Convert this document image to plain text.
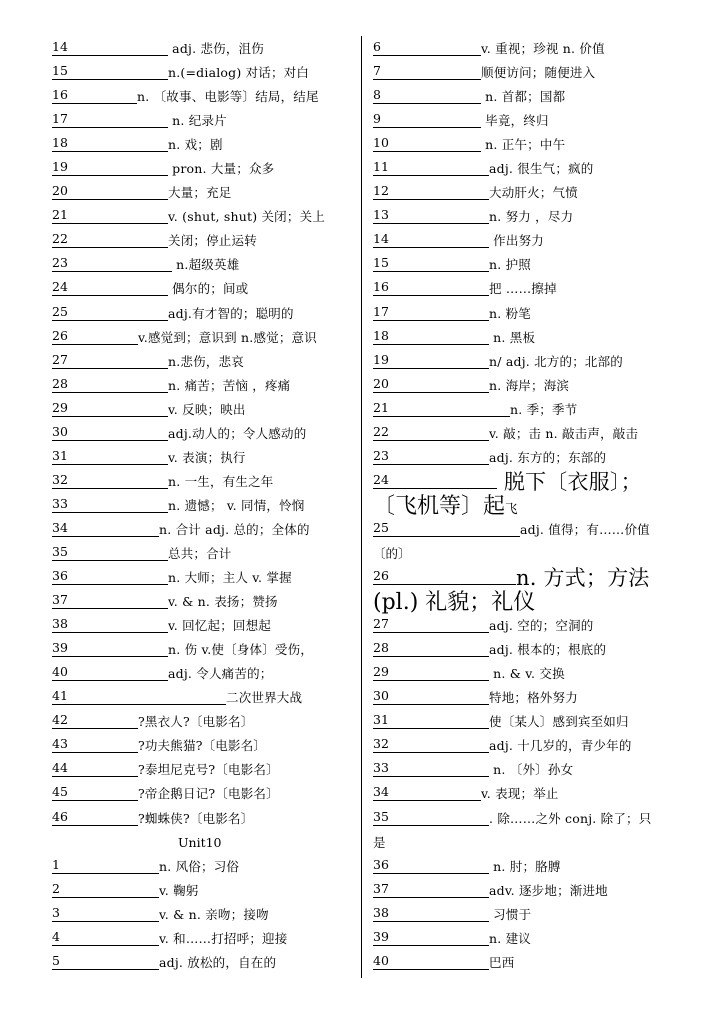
14	adj. 悲伤，沮伤
15	n.(=dialog) 对话；对白
16	n. 〔故事、电影等〕结局，结尾
17	n. 纪录片
18	n. 戏；剧
19	pron. 大量；众多
20	大量；充足
21	v. (shut, shut) 关闭；关上
22	关闭；停止运转
23	n.超级英雄
24	偶尔的；间或
25	adj.有才智的；聪明的
26	v.感觉到；意识到 n.感觉；意识
27	n.悲伤，悲哀
28	n. 痛苦；苦恼 ，疼痛
29	v. 反映；映出
30	adj.动人的；令人感动的
31	v. 表演；执行
32	n. 一生，有生之年
33	n. 遗憾； v. 同情，怜悯
34	n. 合计 adj. 总的；全体的
35	总共；合计
36	n. 大师；主人 v. 掌握
37	v. & n. 表扬；赞扬
38	v. 回忆起；回想起
39	n. 伤 v.使〔身体〕受伤，
40	adj. 令人痛苦的；
41	二次世界大战
42	?黑衣人?〔电影名〕
43	?功夫熊猫?〔电影名〕
44	?泰坦尼克号?〔电影名〕
45	?帝企鹅日记?〔电影名〕
46	?蜘蛛侠?〔电影名〕
Unit10
1	n. 风俗；习俗
2	v. 鞠躬
3	v. & n. 亲吻；接吻
4	v. 和……打招呼；迎接
5	adj. 放松的，自在的
6	v. 重视；珍视 n. 价值
7	顺便访问；随便进入
8	n. 首都；国都
9	毕竟，终归
10	n. 正午；中午
11	adj. 很生气；疯的
12	大动肝火；气愤
13	n. 努力 ，尽力
14	作出努力
15	n. 护照
16	把 ……擦掉
17	n. 粉笔
18	n. 黑板
19	n/ adj. 北方的；北部的
20	n. 海岸；海滨
21	n. 季；季节
22	v. 敲；击 n. 敲击声，敲击
23	adj. 东方的；东部的
24	脱下〔衣服〕；
〔飞机等〕起飞
25	adj. 值得；有……价值
〔的〕
26	n. 方式；方法
(pl.) 礼貌；礼仪
27	adj. 空的；空洞的
28	adj. 根本的；根底的
29	n. & v. 交换
30	特地；格外努力
31	使〔某人〕感到宾至如归
32	adj. 十几岁的，青少年的
33	n. 〔外〕孙女
34	v. 表现；举止
35	. 除……之外 conj. 除了；只
是
36	n. 肘；胳膊
37	adv. 逐步地；渐进地
38	习惯于
39	n. 建议
40	巴西
